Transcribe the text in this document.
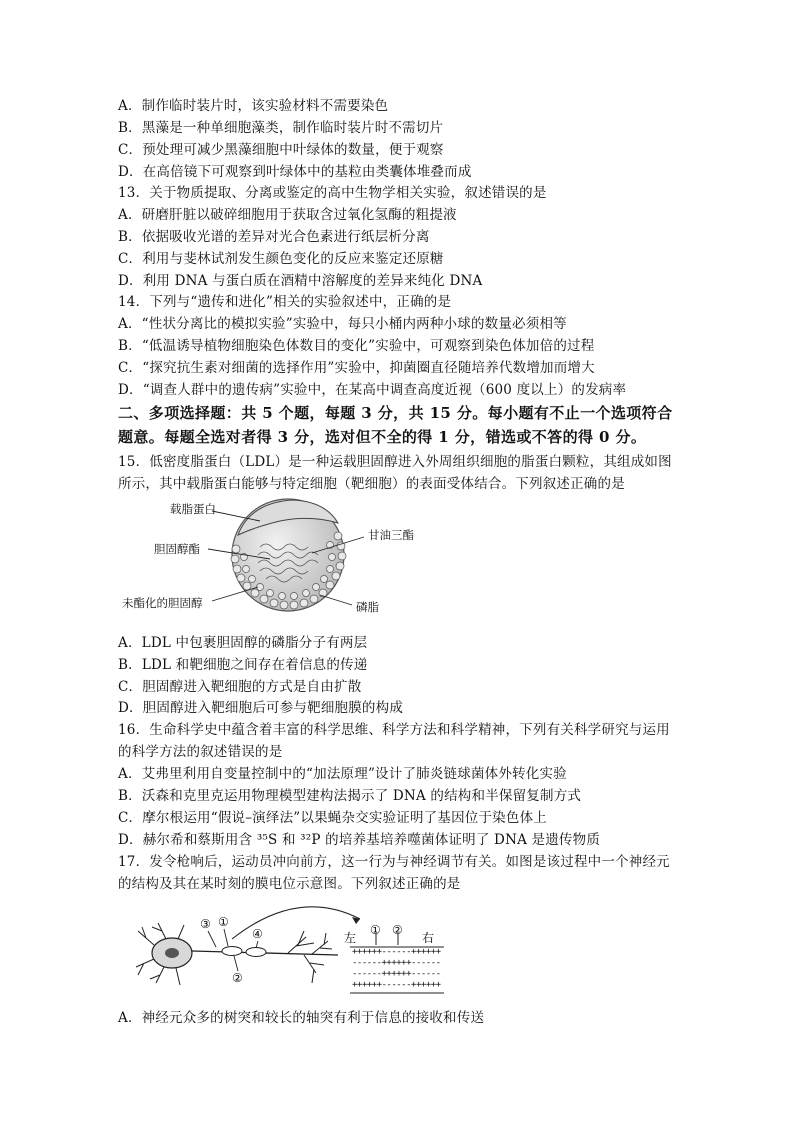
A．制作临时装片时，该实验材料不需要染色
B．黑藻是一种单细胞藻类，制作临时装片时不需切片
C．预处理可减少黑藻细胞中叶绿体的数量，便于观察
D．在高倍镜下可观察到叶绿体中的基粒由类囊体堆叠而成
13．关于物质提取、分离或鉴定的高中生物学相关实验，叙述错误的是
A．研磨肝脏以破碎细胞用于获取含过氧化氢酶的粗提液
B．依据吸收光谱的差异对光合色素进行纸层析分离
C．利用与斐林试剂发生颜色变化的反应来鉴定还原糖
D．利用 DNA 与蛋白质在酒精中溶解度的差异来纯化 DNA
14．下列与“遗传和进化”相关的实验叙述中，正确的是
A．“性状分离比的模拟实验”实验中，每只小桶内两种小球的数量必须相等
B．“低温诱导植物细胞染色体数目的变化”实验中，可观察到染色体加倍的过程
C．“探究抗生素对细菌的选择作用”实验中，抑菌圈直径随培养代数增加而增大
D．“调查人群中的遗传病”实验中，在某高中调查高度近视（600 度以上）的发病率
二、多项选择题：共 5 个题，每题 3 分，共 15 分。每小题有不止一个选项符合
题意。每题全选对者得 3 分，选对但不全的得 1 分，错选或不答的得 0 分。
15．低密度脂蛋白（LDL）是一种运载胆固醇进入外周组织细胞的脂蛋白颗粒，其组成如图
所示，其中载脂蛋白能够与特定细胞（靶细胞）的表面受体结合。下列叙述正确的是
载脂蛋白
胆固醇酯
甘油三酯
未酯化的胆固醇	磷脂
A．LDL 中包裹胆固醇的磷脂分子有两层
B．LDL 和靶细胞之间存在着信息的传递
C．胆固醇进入靶细胞的方式是自由扩散
D．胆固醇进入靶细胞后可参与靶细胞膜的构成
16．生命科学史中蕴含着丰富的科学思维、科学方法和科学精神，下列有关科学研究与运用
的科学方法的叙述错误的是
A．艾弗里利用自变量控制中的“加法原理”设计了肺炎链球菌体外转化实验
B．沃森和克里克运用物理模型建构法揭示了 DNA 的结构和半保留复制方式
C．摩尔根运用“假说–演绎法”以果蝇杂交实验证明了基因位于染色体上
D．赫尔希和蔡斯用含 ³⁵S 和 ³²P 的培养基培养噬菌体证明了 DNA 是遗传物质
17．发令枪响后，运动员冲向前方，这一行为与神经调节有关。如图是该过程中一个神经元
的结构及其在某时刻的膜电位示意图。下列叙述正确的是
③ ①
②
④	左
① ②
右
++++++------++++++
------++++++------
------++++++------
++++++------++++++
A．神经元众多的树突和较长的轴突有利于信息的接收和传送
